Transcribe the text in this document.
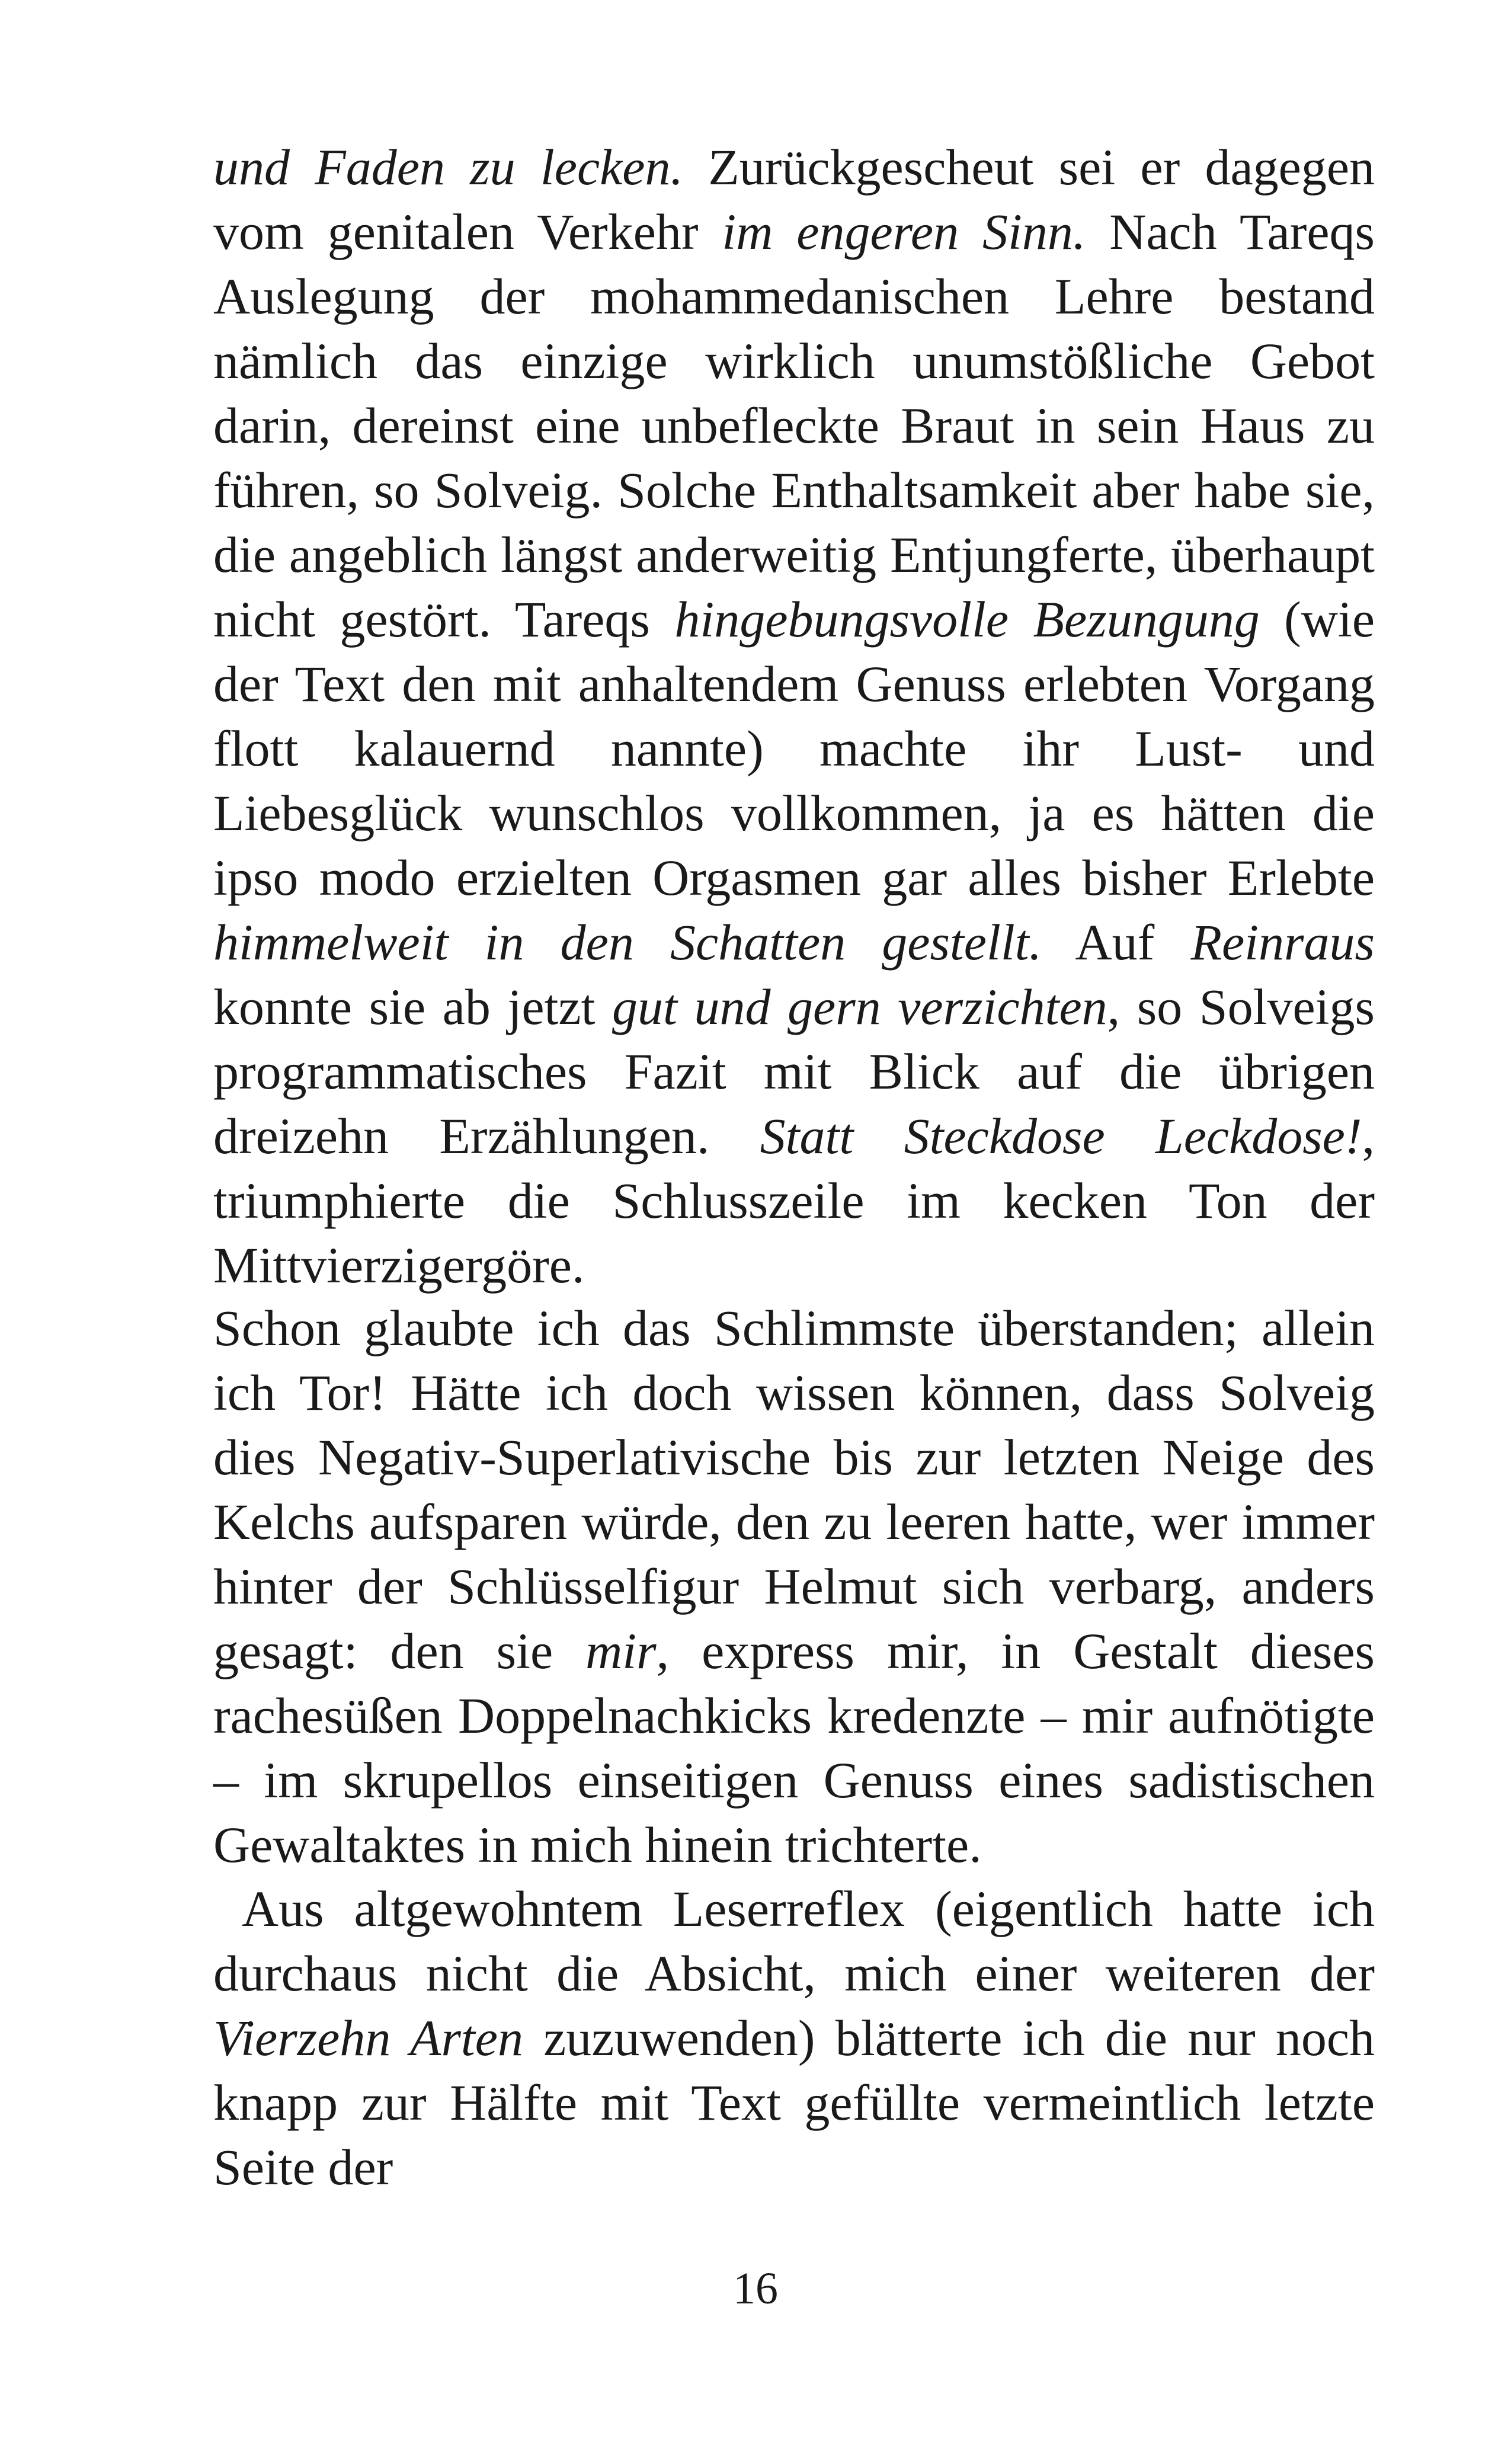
und Faden zu lecken. Zurückgescheut sei er dagegen vom genitalen Verkehr im engeren Sinn. Nach Tareqs Auslegung der mohammedanischen Lehre bestand nämlich das einzige wirklich unumstößliche Gebot darin, dereinst eine unbefleckte Braut in sein Haus zu führen, so Solveig. Solche Enthaltsamkeit aber habe sie, die angeblich längst anderweitig Entjungferte, überhaupt nicht gestört. Tareqs hingebungsvolle Bezungung (wie der Text den mit anhaltendem Genuss erlebten Vorgang flott kalauernd nannte) machte ihr Lust- und Liebesglück wunschlos vollkommen, ja es hätten die ipso modo erzielten Orgasmen gar alles bisher Erlebte himmelweit in den Schatten gestellt. Auf Reinraus konnte sie ab jetzt gut und gern verzichten, so Solveigs programmatisches Fazit mit Blick auf die übrigen dreizehn Erzählungen. Statt Steckdose Leckdose!, triumphierte die Schlusszeile im kecken Ton der Mittvierzigergöre.

Schon glaubte ich das Schlimmste überstanden; allein ich Tor! Hätte ich doch wissen können, dass Solveig dies Negativ-Superlativische bis zur letzten Neige des Kelchs aufsparen würde, den zu leeren hatte, wer immer hinter der Schlüsselfigur Helmut sich verbarg, anders gesagt: den sie mir, express mir, in Gestalt dieses rachesüßen Doppelnachkicks kredenzte – mir aufnötigte – im skrupellos einseitigen Genuss eines sadistischen Gewaltaktes in mich hinein trichterte.

Aus altgewohntem Leserreflex (eigentlich hatte ich durchaus nicht die Absicht, mich einer weiteren der Vierzehn Arten zuzuwenden) blätterte ich die nur noch knapp zur Hälfte mit Text gefüllte vermeintlich letzte Seite der

16
